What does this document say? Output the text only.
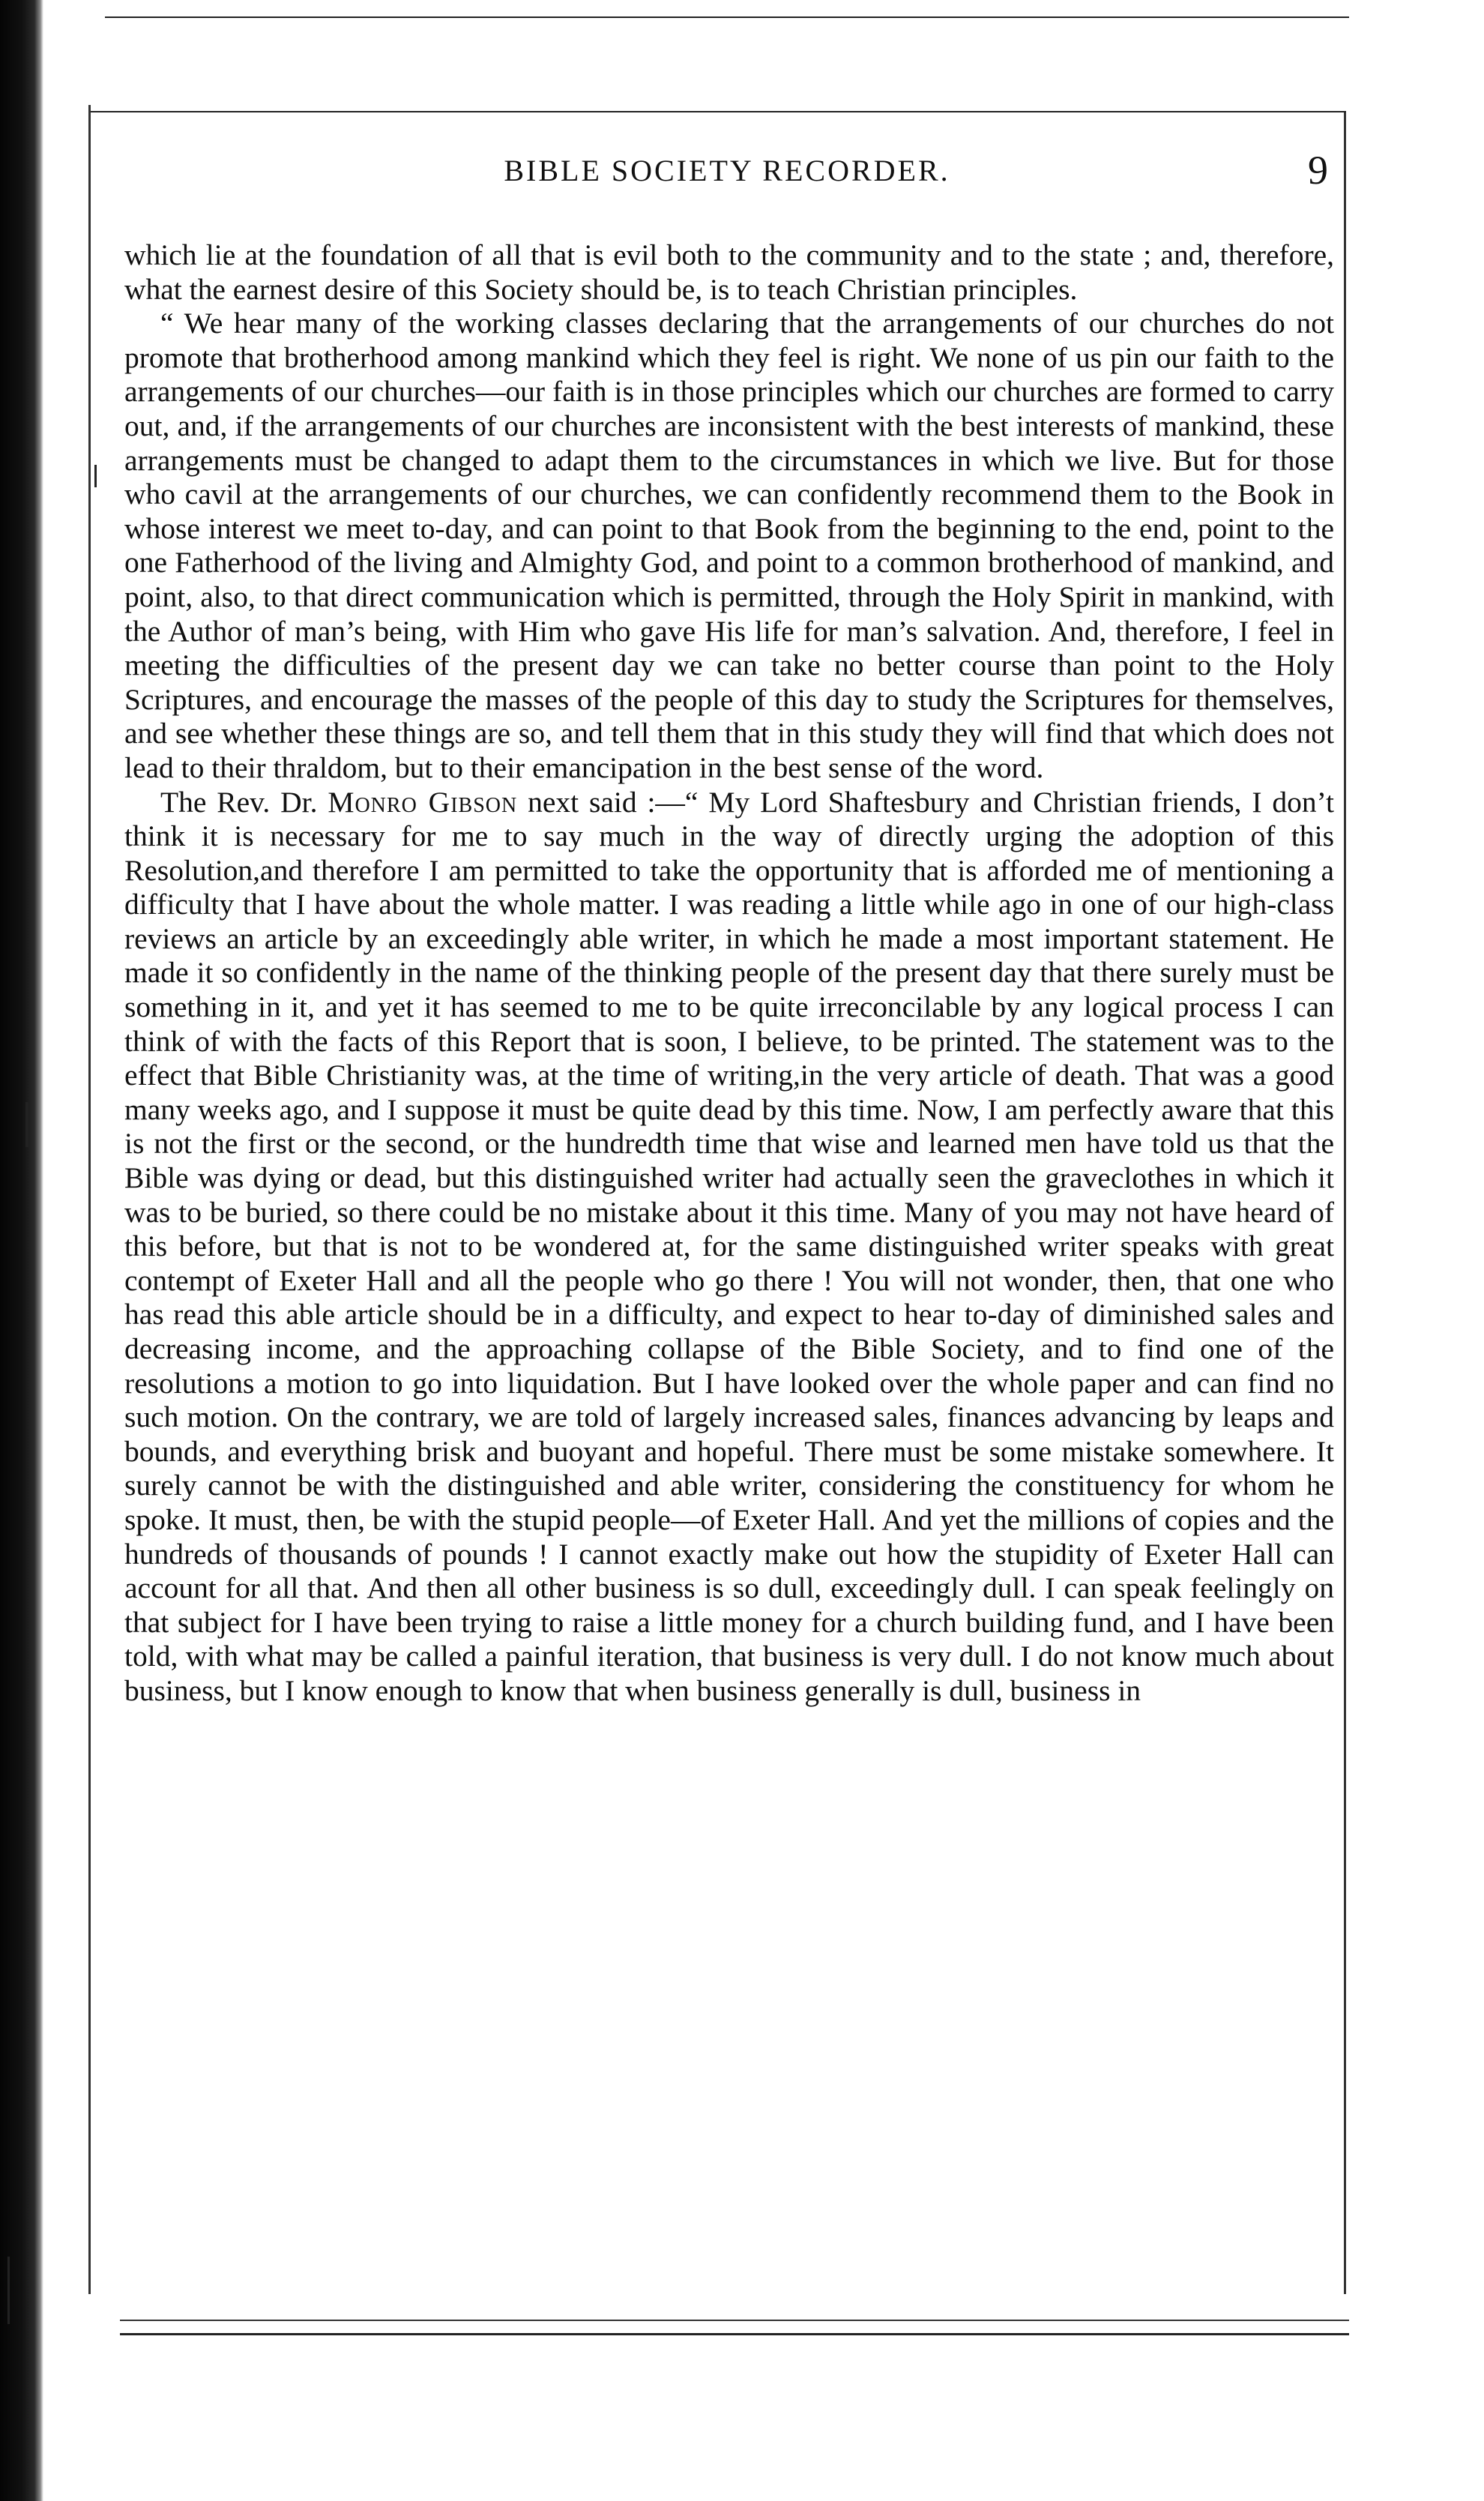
BIBLE SOCIETY RECORDER.	9

which lie at the foundation of all that is evil both to the community and to the state ; and, therefore, what the earnest desire of this Society should be, is to teach Christian principles.

“ We hear many of the working classes declaring that the arrangements of our churches do not promote that brotherhood among mankind which they feel is right. We none of us pin our faith to the arrangements of our churches—our faith is in those principles which our churches are formed to carry out, and, if the arrangements of our churches are inconsistent with the best interests of mankind, these arrangements must be changed to adapt them to the circumstances in which we live. But for those who cavil at the arrangements of our churches, we can confidently recommend them to the Book in whose interest we meet to-day, and can point to that Book from the beginning to the end, point to the one Fatherhood of the living and Almighty God, and point to a common brotherhood of mankind, and point, also, to that direct communication which is permitted, through the Holy Spirit in mankind, with the Author of man’s being, with Him who gave His life for man’s salvation. And, therefore, I feel in meeting the difficulties of the present day we can take no better course than point to the Holy Scriptures, and encourage the masses of the people of this day to study the Scriptures for themselves, and see whether these things are so, and tell them that in this study they will find that which does not lead to their thraldom, but to their emancipation in the best sense of the word.

The Rev. Dr. Monro Gibson next said :—“ My Lord Shaftesbury and Christian friends, I don’t think it is necessary for me to say much in the way of directly urging the adoption of this Resolution,and therefore I am permitted to take the opportunity that is afforded me of mentioning a difficulty that I have about the whole matter. I was reading a little while ago in one of our high-class reviews an article by an exceedingly able writer, in which he made a most important statement. He made it so confidently in the name of the thinking people of the present day that there surely must be something in it, and yet it has seemed to me to be quite irreconcilable by any logical process I can think of with the facts of this Report that is soon, I believe, to be printed. The statement was to the effect that Bible Christianity was, at the time of writing,in the very article of death. That was a good many weeks ago, and I suppose it must be quite dead by this time. Now, I am perfectly aware that this is not the first or the second, or the hundredth time that wise and learned men have told us that the Bible was dying or dead, but this distinguished writer had actually seen the graveclothes in which it was to be buried, so there could be no mistake about it this time. Many of you may not have heard of this before, but that is not to be wondered at, for the same distinguished writer speaks with great contempt of Exeter Hall and all the people who go there ! You will not wonder, then, that one who has read this able article should be in a difficulty, and expect to hear to-day of diminished sales and decreasing income, and the approaching collapse of the Bible Society, and to find one of the resolutions a motion to go into liquidation. But I have looked over the whole paper and can find no such motion. On the contrary, we are told of largely increased sales, finances advancing by leaps and bounds, and everything brisk and buoyant and hopeful. There must be some mistake somewhere. It surely cannot be with the distinguished and able writer, considering the constituency for whom he spoke. It must, then, be with the stupid people—of Exeter Hall. And yet the millions of copies and the hundreds of thousands of pounds ! I cannot exactly make out how the stupidity of Exeter Hall can account for all that. And then all other business is so dull, exceedingly dull. I can speak feelingly on that subject for I have been trying to raise a little money for a church building fund, and I have been told, with what may be called a painful iteration, that business is very dull. I do not know much about business, but I know enough to know that when business generally is dull, business in
